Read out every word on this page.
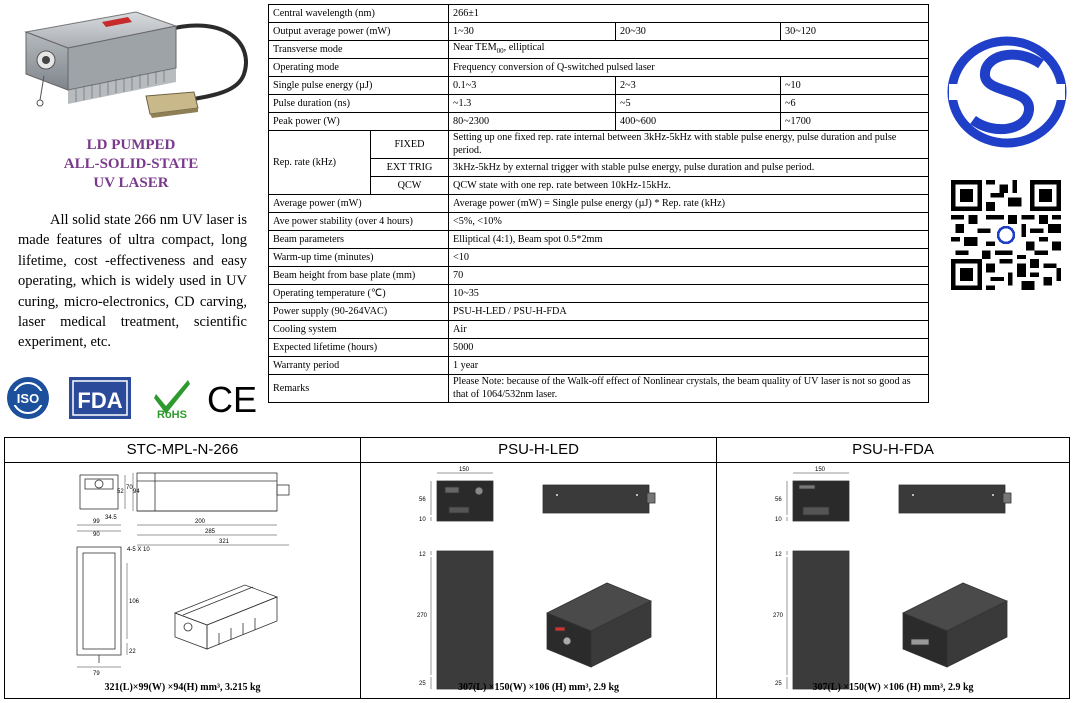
LD PUMPED
ALL-SOLID-STATE
UV LASER

All solid state 266 nm UV laser is made features of ultra compact, long lifetime, cost -effectiveness and easy operating, which is widely used in UV curing, micro-electronics, CD carving, laser medical treatment, scientific experiment, etc.

ISO FDA
RoHS CE
Central wavelength (nm)		266±1		
Output average power (mW)		1~30	20~30	30~120
Transverse mode		Near $TEM_{00}$, elliptical		
Operating mode		Frequency conversion of Q-switched pulsed laser		
Single pulse energy (µJ)		0.1~3	2~3	~10
Pulse duration (ns)		~1.3	~5	~6
Peak power (W)		80~2300	400~600	~1700
Rep. rate (kHz)	FIXED	Setting up one fixed rep. rate internal between 3kHz-5kHz with stable pulse energy, pulse duration and pulse period.		
	EXT TRIG	3kHz-5kHz by external trigger with stable pulse energy, pulse duration and pulse period.		
	QCW	QCW state with one rep. rate between 10kHz-15kHz.		
Average power (mW)		Average power (mW) = Single pulse energy (µJ) * Rep. rate (kHz)		
Ave power stability (over 4 hours)		<5%, <10%		
Beam parameters		Elliptical (4:1), Beam spot 0.5*2mm		
Warm-up time (minutes)		<10		
Beam height from base plate (mm)		70		
Operating temperature (℃)		10~35		
Power supply (90-264VAC)		PSU-H-LED / PSU-H-FDA		
Cooling system		Air		
Expected lifetime (hours)		5000		
Warranty period		1 year		
Remarks		Please Note: because of the Walk-off effect of Nonlinear crystals, the beam quality of UV laser is not so good as that of 1064/532nm laser.		
STC-MPL-N-266
52
70
94
34.5
90
99	200
285
321
4-5 X 10
106
22
79
321(L)×99(W) ×94(H) mm³, 3.215 kg
PSU-H-LED
150
56
10
12
270
25	307(L) ×150(W) ×106 (H) mm³, 2.9 kg
PSU-H-FDA
150
56
10
12
270
25	307(L) ×150(W) ×106 (H) mm³, 2.9 kg
